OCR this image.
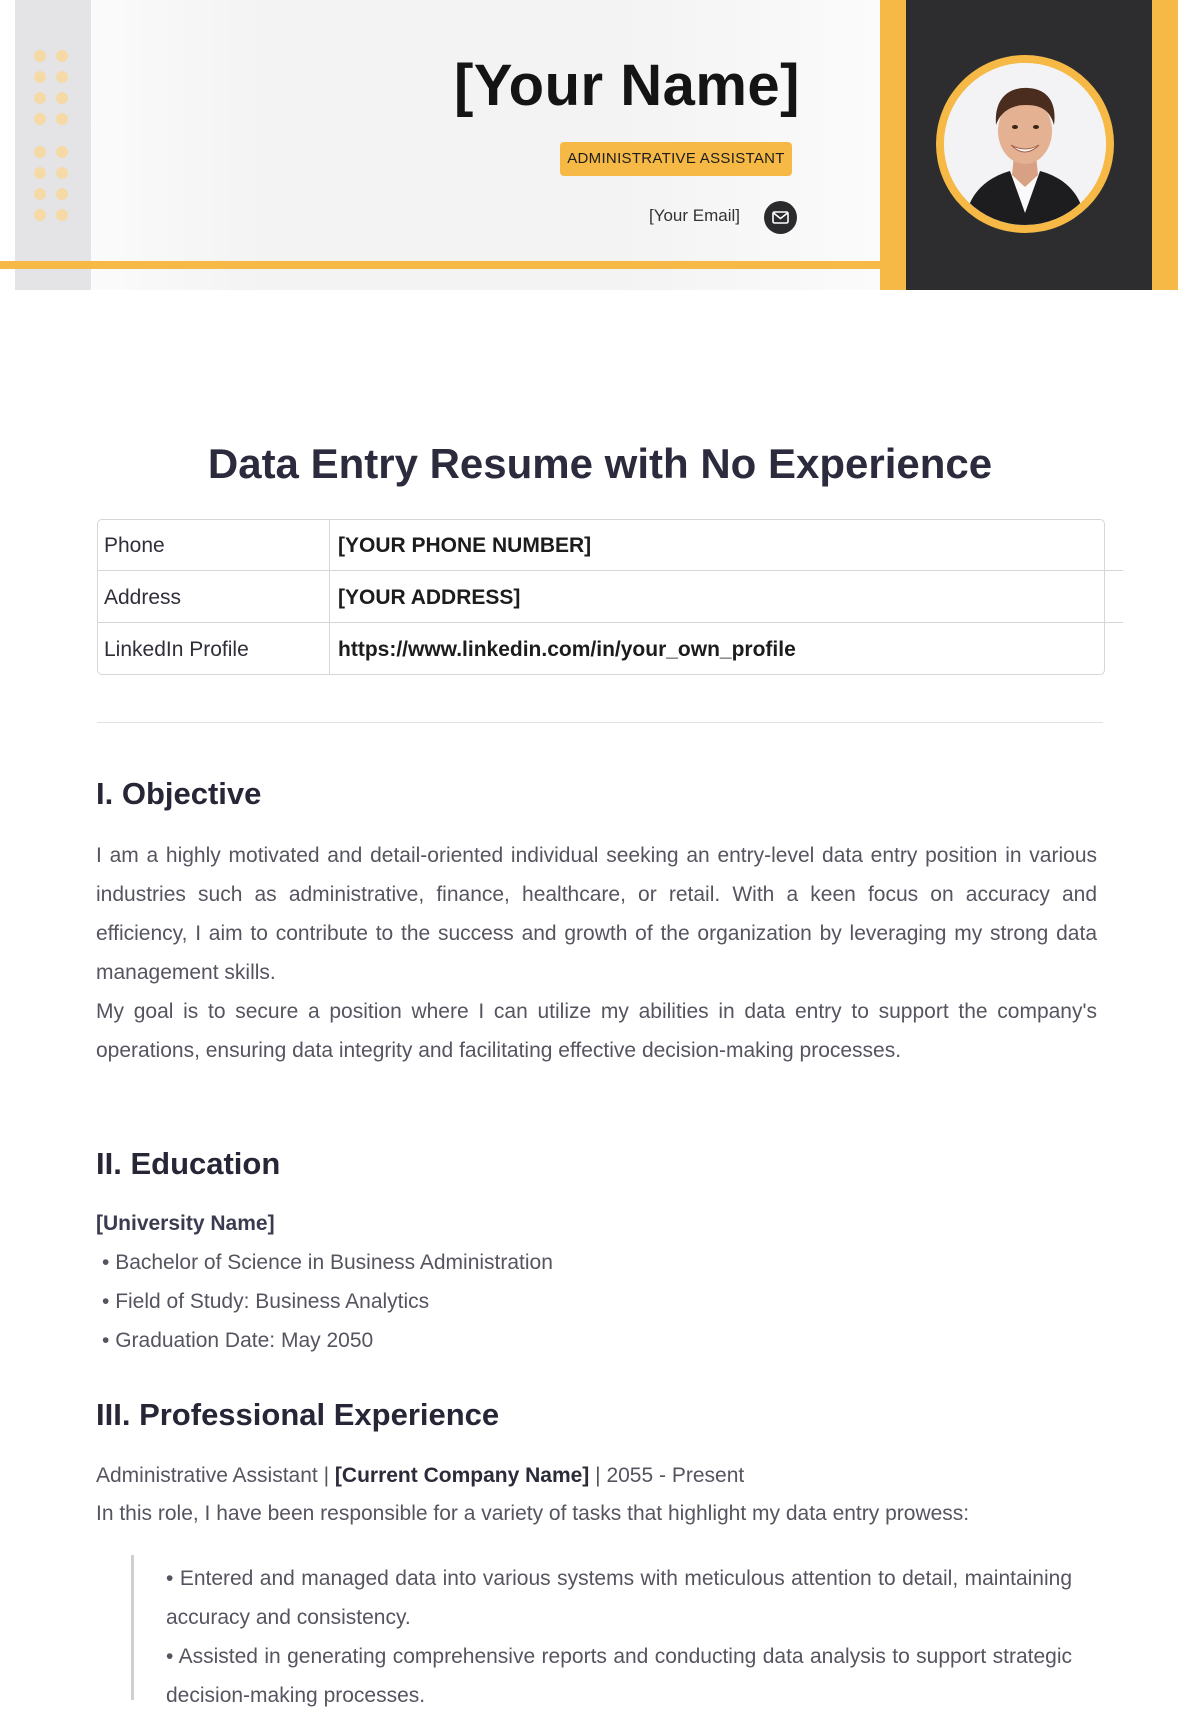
[Your Name]
ADMINISTRATIVE ASSISTANT
[Your Email]
Data Entry Resume with No Experience
Phone	[YOUR PHONE NUMBER]
Address	[YOUR ADDRESS]
LinkedIn Profile	https://www.linkedin.com/in/your_own_profile
I. Objective

I am a highly motivated and detail-oriented individual seeking an entry-level data entry position in various industries such as administrative, finance, healthcare, or retail. With a keen focus on accuracy and efficiency, I aim to contribute to the success and growth of the organization by leveraging my strong data management skills.

My goal is to secure a position where I can utilize my abilities in data entry to support the company's operations, ensuring data integrity and facilitating effective decision-making processes.

II. Education
[University Name]
• Bachelor of Science in Business Administration
• Field of Study: Business Analytics
• Graduation Date: May 2050
III. Professional Experience
Administrative Assistant | [Current Company Name] | 2055 - Present
In this role, I have been responsible for a variety of tasks that highlight my data entry prowess:
• Entered and managed data into various systems with meticulous attention to detail, maintaining accuracy and consistency.
• Assisted in generating comprehensive reports and conducting data analysis to support strategic decision-making processes.
